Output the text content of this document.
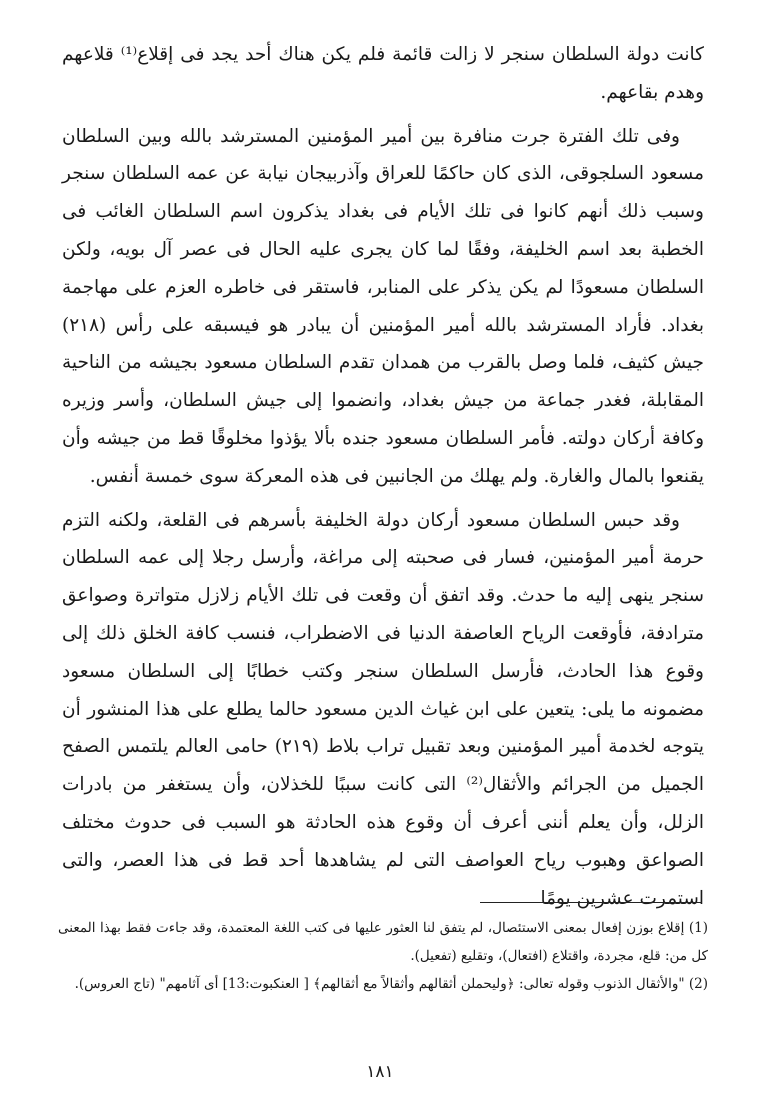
كانت دولة السلطان سنجر لا زالت قائمة فلم يكن هناك أحد يجد فى إقلاع⁽¹⁾ قلاعهم وهدم بقاعهم.

وفى تلك الفترة جرت منافرة بين أمير المؤمنين المسترشد بالله وبين السلطان مسعود السلجوقى، الذى كان حاكمًا للعراق وآذربيجان نيابة عن عمه السلطان سنجر وسبب ذلك أنهم كانوا فى تلك الأيام فى بغداد يذكرون اسم السلطان الغائب فى الخطبة بعد اسم الخليفة، وفقًا لما كان يجرى عليه الحال فى عصر آل بويه، ولكن السلطان مسعودًا لم يكن يذكر على المنابر، فاستقر فى خاطره العزم على مهاجمة بغداد. فأراد المسترشد بالله أمير المؤمنين أن يبادر هو فيسبقه على رأس (٢١٨) جيش كثيف، فلما وصل بالقرب من همدان تقدم السلطان مسعود بجيشه من الناحية المقابلة، فغدر جماعة من جيش بغداد، وانضموا إلى جيش السلطان، وأسر وزيره وكافة أركان دولته. فأمر السلطان مسعود جنده بألا يؤذوا مخلوقًا قط من جيشه وأن يقنعوا بالمال والغارة. ولم يهلك من الجانبين فى هذه المعركة سوى خمسة أنفس.

وقد حبس السلطان مسعود أركان دولة الخليفة بأسرهم فى القلعة، ولكنه التزم حرمة أمير المؤمنين، فسار فى صحبته إلى مراغة، وأرسل رجلا إلى عمه السلطان سنجر ينهى إليه ما حدث. وقد اتفق أن وقعت فى تلك الأيام زلازل متواترة وصواعق مترادفة، فأوقعت الرياح العاصفة الدنيا فى الاضطراب، فنسب كافة الخلق ذلك إلى وقوع هذا الحادث، فأرسل السلطان سنجر وكتب خطابًا إلى السلطان مسعود مضمونه ما يلى: يتعين على ابن غياث الدين مسعود حالما يطلع على هذا المنشور أن يتوجه لخدمة أمير المؤمنين وبعد تقبيل تراب بلاط (٢١٩) حامى العالم يلتمس الصفح الجميل من الجرائم والأثقال⁽²⁾ التى كانت سببًا للخذلان، وأن يستغفر من بادرات الزلل، وأن يعلم أننى أعرف أن وقوع هذه الحادثة هو السبب فى حدوث مختلف الصواعق وهبوب رياح العواصف التى لم يشاهدها أحد قط فى هذا العصر، والتى استمرت عشرين يومًا

(1) إقلاع بوزن إفعال بمعنى الاستئصال، لم يتفق لنا العثور عليها فى كتب اللغة المعتمدة، وقد جاءت فقط بهذا المعنى كل من: قلع، مجردة، واقتلاع (افتعال)، وتقليع (تفعيل).

(2) "والأثقال الذنوب وقوله تعالى: ﴿وليحملن أثقالهم وأثقالاً مع أثقالهم﴾ [ العنكبوت:13] أى آثامهم" (تاج العروس).

١٨١
